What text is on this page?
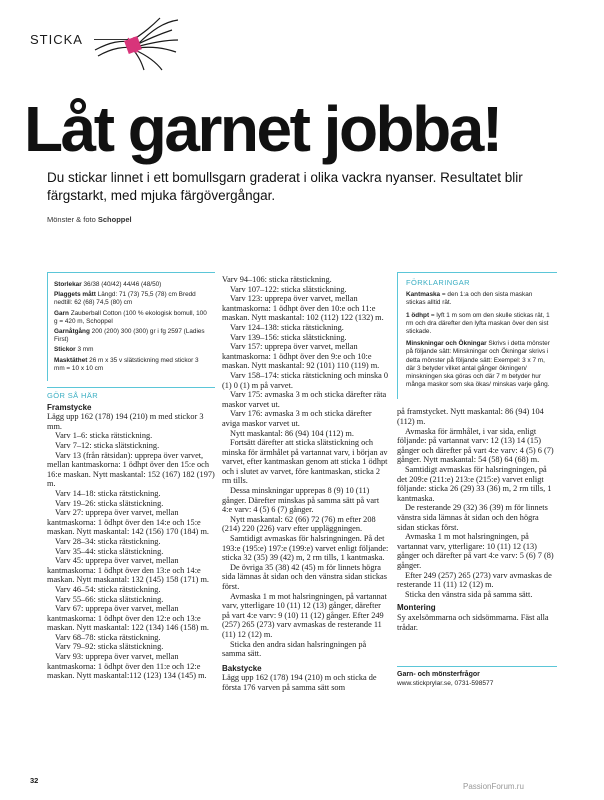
STICKA
Låt garnet jobba!
Du stickar linnet i ett bomullsgarn graderat i olika vackra nyanser. Resultatet blir färgstarkt, med mjuka färgövergångar.
Mönster & foto Schoppel
Storlekar 36/38 (40/42) 44/46 (48/50)
Plaggets mått Längd: 71 (73) 75,5 (78) cm Bredd nedtill: 62 (68) 74,5 (80) cm
Garn Zauberball Cotton (100 % ekologisk bomull, 100 g = 420 m, Schoppel
Garnåtgång 200 (200) 300 (300) gr i fg 2597 (Ladies First)
Stickor 3 mm
Masktäthet 26 m x 35 v slätstickning med stickor 3 mm = 10 x 10 cm
GÖR SÅ HÄR
Framstycke

Lägg upp 162 (178) 194 (210) m med stickor 3 mm.

Varv 1–6: sticka rätstickning.

Varv 7–12: sticka slätstickning.

Varv 13 (från rätsidan): upprepa över varvet, mellan kantmaskorna: 1 ödhpt över den 15:e och 16:e maskan. Nytt maskantal: 152 (167) 182 (197) m.

Varv 14–18: sticka rätstickning.

Varv 19–26: sticka slätstickning.

Varv 27: upprepa över varvet, mellan kantmaskorna: 1 ödhpt över den 14:e och 15:e maskan. Nytt maskantal: 142 (156) 170 (184) m.

Varv 28–34: sticka rätstickning.

Varv 35–44: sticka slätstickning.

Varv 45: upprepa över varvet, mellan kantmaskorna: 1 ödhpt över den 13:e och 14:e maskan. Nytt maskantal: 132 (145) 158 (171) m.

Varv 46–54: sticka rätstickning.

Varv 55–66: sticka slätstickning.

Varv 67: upprepa över varvet, mellan kantmaskorna: 1 ödhpt över den 12:e och 13:e maskan. Nytt maskantal: 122 (134) 146 (158) m.

Varv 68–78: sticka rätstickning.

Varv 79–92: sticka slätstickning.

Varv 93: upprepa över varvet, mellan kantmaskorna: 1 ödhpt över den 11:e och 12:e maskan. Nytt maskantal:112 (123) 134 (145) m.

Varv 94–106: sticka rätstickning.

Varv 107–122: sticka slätstickning.

Varv 123: upprepa över varvet, mellan kantmaskorna: 1 ödhpt över den 10:e och 11:e maskan. Nytt maskantal: 102 (112) 122 (132) m.

Varv 124–138: sticka rätstickning.

Varv 139–156: sticka slätstickning.

Varv 157: upprepa över varvet, mellan kantmaskorna: 1 ödhpt över den 9:e och 10:e maskan. Nytt maskantal: 92 (101) 110 (119) m.

Varv 158–174: sticka rätstickning och minska 0 (1) 0 (1) m på varvet.

Varv 175: avmaska 3 m och sticka därefter räta maskor varvet ut.

Varv 176: avmaska 3 m och sticka därefter aviga maskor varvet ut.

Nytt maskantal: 86 (94) 104 (112) m.

Fortsätt därefter att sticka slätstickning och minska för ärmhålet på vartannat varv, i början av varvet, efter kantmaskan genom att sticka 1 ödhpt och i slutet av varvet, före kantmaskan, sticka 2 rm tills.

Dessa minskningar upprepas 8 (9) 10 (11) gånger. Därefter minskas på samma sätt på vart 4:e varv: 4 (5) 6 (7) gånger.

Nytt maskantal: 62 (66) 72 (76) m efter 208 (214) 220 (226) varv efter uppläggningen.

Samtidigt avmaskas för halsringningen. På det 193:e (195:e) 197:e (199:e) varvet enligt följande: sticka 32 (35) 39 (42) m, 2 rm tills, 1 kantmaska.

De övriga 35 (38) 42 (45) m för linnets högra sida lämnas åt sidan och den vänstra sidan stickas först.

Avmaska 1 m mot halsringningen, på vartannat varv, ytterligare 10 (11) 12 (13) gånger, därefter på vart 4:e varv: 9 (10) 11 (12) gånger. Efter 249 (257) 265 (273) varv avmaskas de resterande 11 (11) 12 (12) m.

Sticka den andra sidan halsringningen på samma sätt.

Bakstycke

Lägg upp 162 (178) 194 (210) m och sticka de första 176 varven på samma sätt som

FÖRKLARINGAR
Kantmaska = den 1:a och den sista maskan stickas alltid rät.
1 ödhpt = lyft 1 m som om den skulle stickas rät, 1 rm och dra därefter den lyfta maskan över den sist stickade.
Minskningar och Ökningar Skrivs i detta mönster på följande sätt: Minskningar och Ökningar skrivs i detta mönster på följande sätt: Exempel: 3 x 7 m, där 3 betyder vilket antal gånger ökningen/ minskningen ska göras och där 7 m betyder hur många maskor som ska ökas/ minskas varje gång.

på framstycket. Nytt maskantal: 86 (94) 104 (112) m.

Avmaska för ärmhålet, i var sida, enligt följande: på vartannat varv: 12 (13) 14 (15) gånger och därefter på vart 4:e varv: 4 (5) 6 (7) gånger. Nytt maskantal: 54 (58) 64 (68) m.

Samtidigt avmaskas för halsringningen, på det 209:e (211:e) 213:e (215:e) varvet enligt följande: sticka 26 (29) 33 (36) m, 2 rm tills, 1 kantmaska.

De resterande 29 (32) 36 (39) m för linnets vänstra sida lämnas åt sidan och den högra sidan stickas först.

Avmaska 1 m mot halsringningen, på vartannat varv, ytterligare: 10 (11) 12 (13) gånger och därefter på vart 4:e varv: 5 (6) 7 (8) gånger.

Efter 249 (257) 265 (273) varv avmaskas de resterande 11 (11) 12 (12) m.

Sticka den vänstra sida på samma sätt.

Montering

Sy axelsömmarna och sidsömmarna. Fäst alla trådar.

Garn- och mönsterfrågor
www.stickprylar.se, 0731-598577
32
PassionForum.ru
